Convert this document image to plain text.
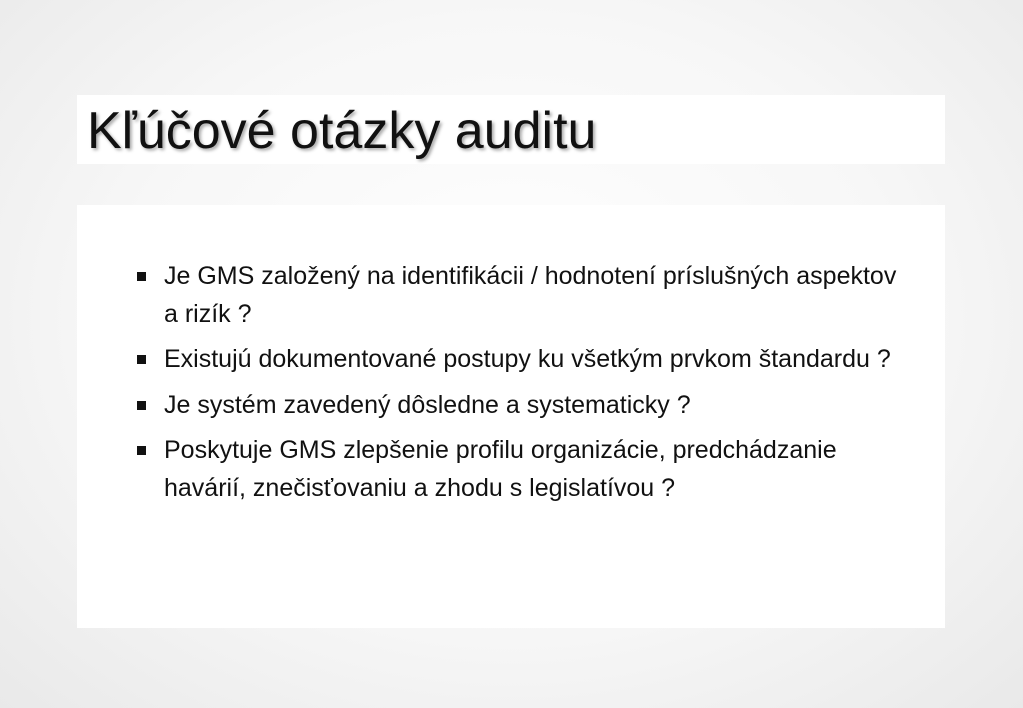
Kľúčové otázky auditu
Je GMS založený na identifikácii / hodnotení príslušných aspektov a rizík ?
Existujú dokumentované postupy ku všetkým prvkom štandardu ?
Je systém zavedený dôsledne a systematicky ?
Poskytuje GMS zlepšenie profilu organizácie, predchádzanie havárií, znečisťovaniu a zhodu s legislatívou ?
